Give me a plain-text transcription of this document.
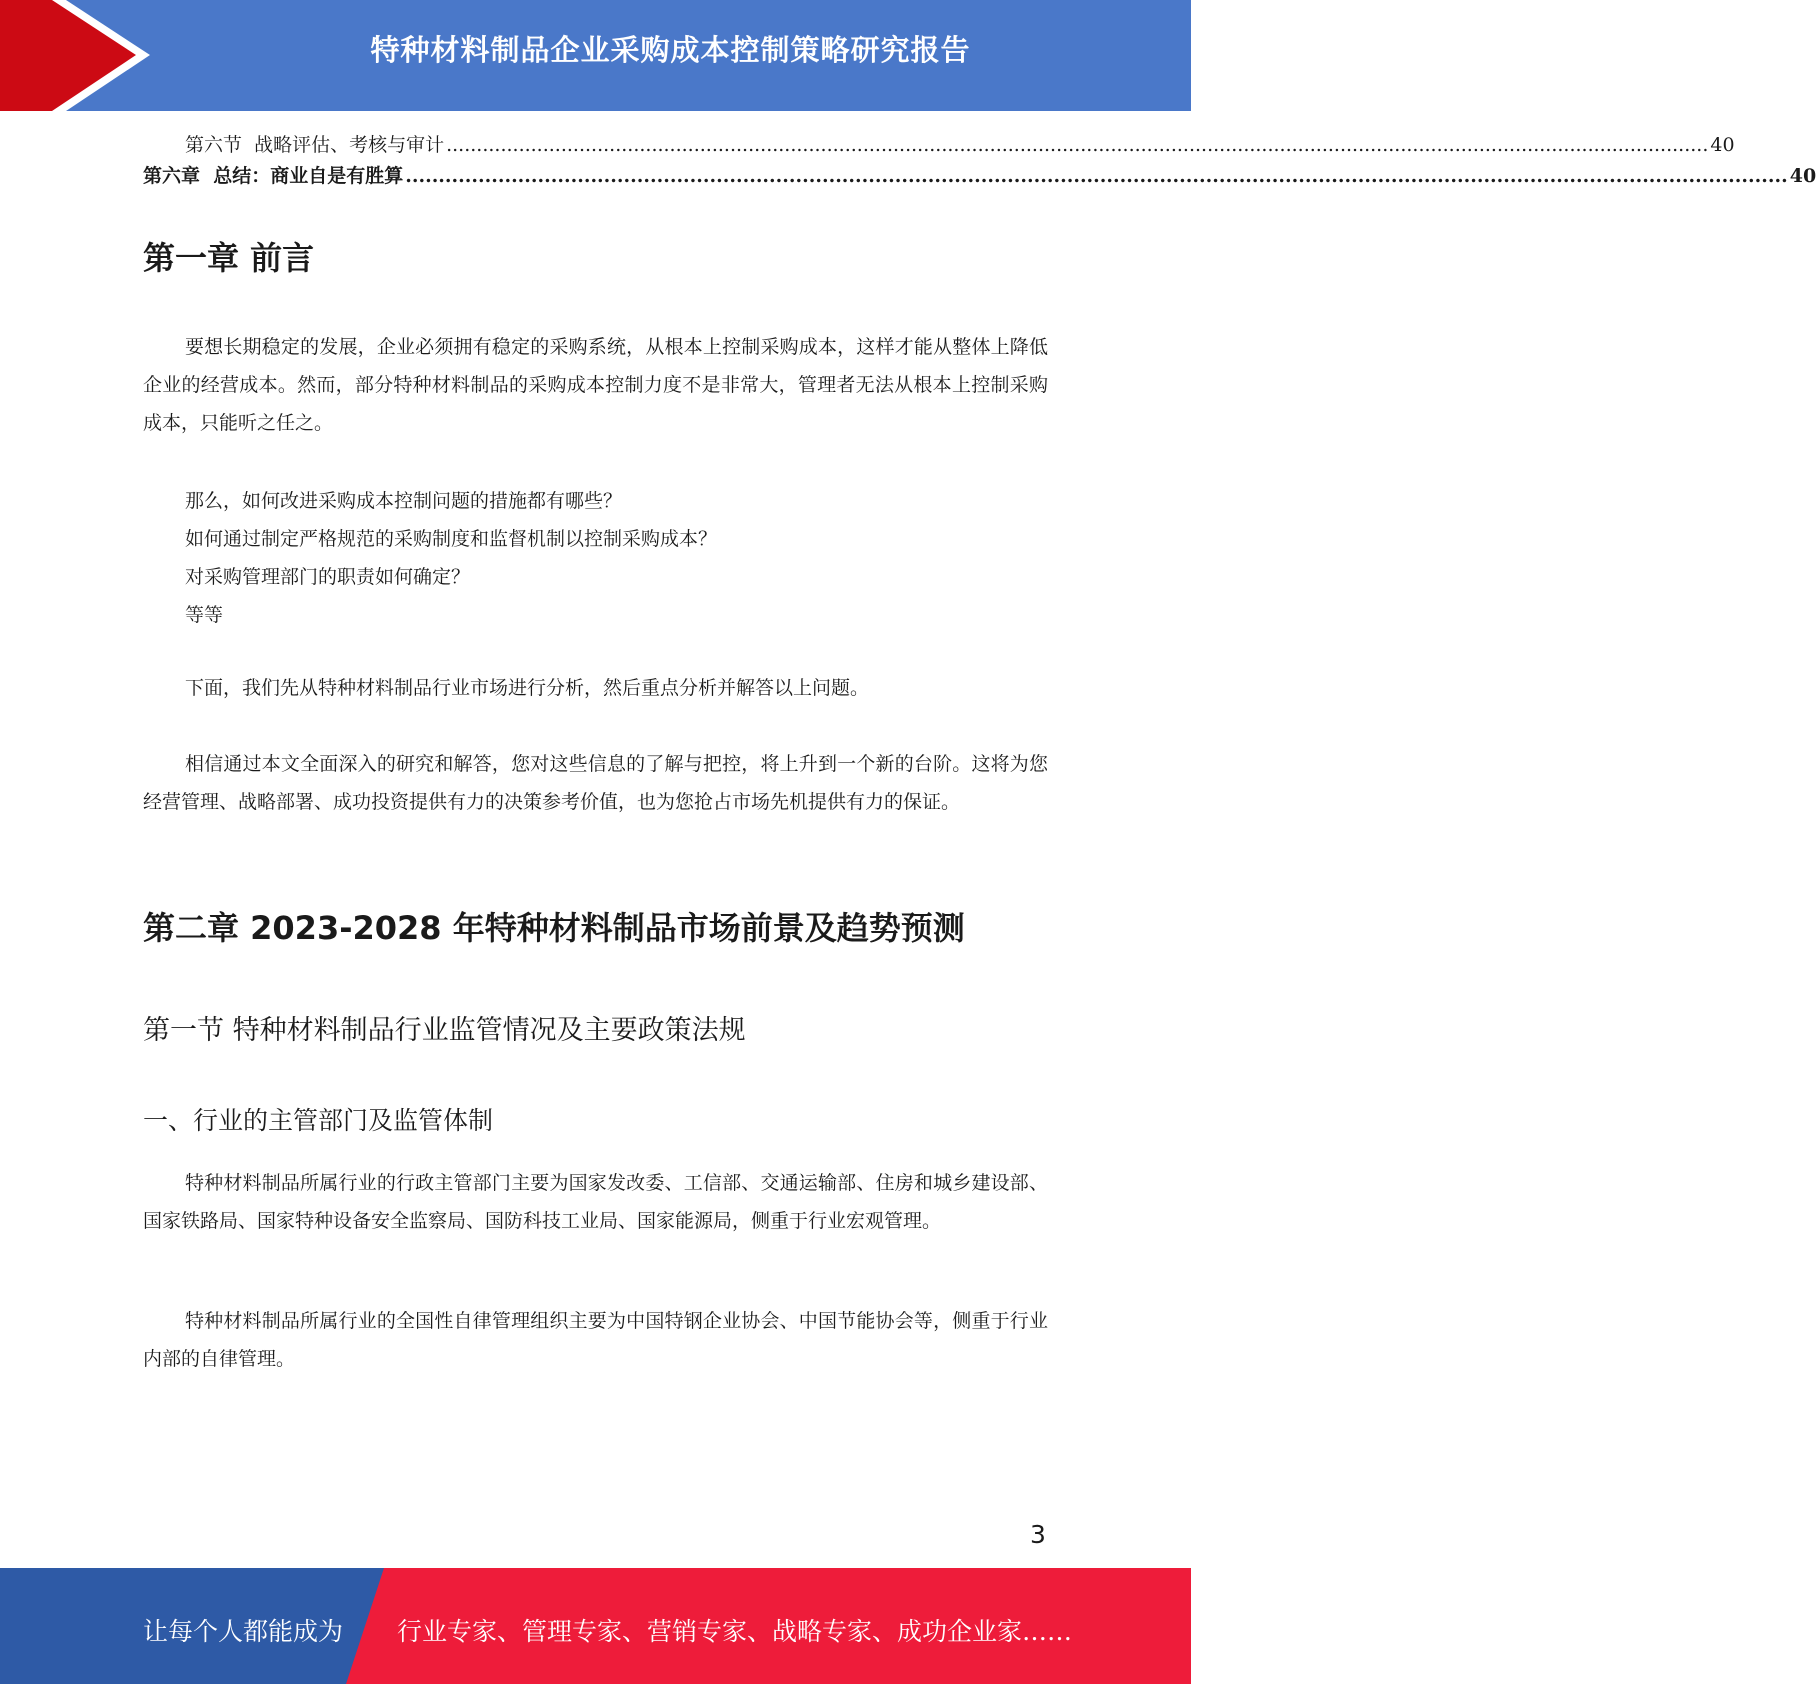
特种材料制品企业采购成本控制策略研究报告
第六节  战略评估、考核与审计 ................................................................................................................................................................................................................. 40
第六章  总结：商业自是有胜算 ................................................................................................................................................................................................................. 40
第一章 前言

要想长期稳定的发展，企业必须拥有稳定的采购系统，从根本上控制采购成本，这样才能从整体上降低企业的经营成本。然而，部分特种材料制品的采购成本控制力度不是非常大，管理者无法从根本上控制采购成本，只能听之任之。

那么，如何改进采购成本控制问题的措施都有哪些？

如何通过制定严格规范的采购制度和监督机制以控制采购成本？

对采购管理部门的职责如何确定？

等等

下面，我们先从特种材料制品行业市场进行分析，然后重点分析并解答以上问题。

相信通过本文全面深入的研究和解答，您对这些信息的了解与把控，将上升到一个新的台阶。这将为您经营管理、战略部署、成功投资提供有力的决策参考价值，也为您抢占市场先机提供有力的保证。

第二章 2023-2028 年特种材料制品市场前景及趋势预测
第一节 特种材料制品行业监管情况及主要政策法规
一、行业的主管部门及监管体制

特种材料制品所属行业的行政主管部门主要为国家发改委、工信部、交通运输部、住房和城乡建设部、国家铁路局、国家特种设备安全监察局、国防科技工业局、国家能源局，侧重于行业宏观管理。

特种材料制品所属行业的全国性自律管理组织主要为中国特钢企业协会、中国节能协会等，侧重于行业内部的自律管理。

3
让每个人都能成为 行业专家、管理专家、营销专家、战略专家、成功企业家……
